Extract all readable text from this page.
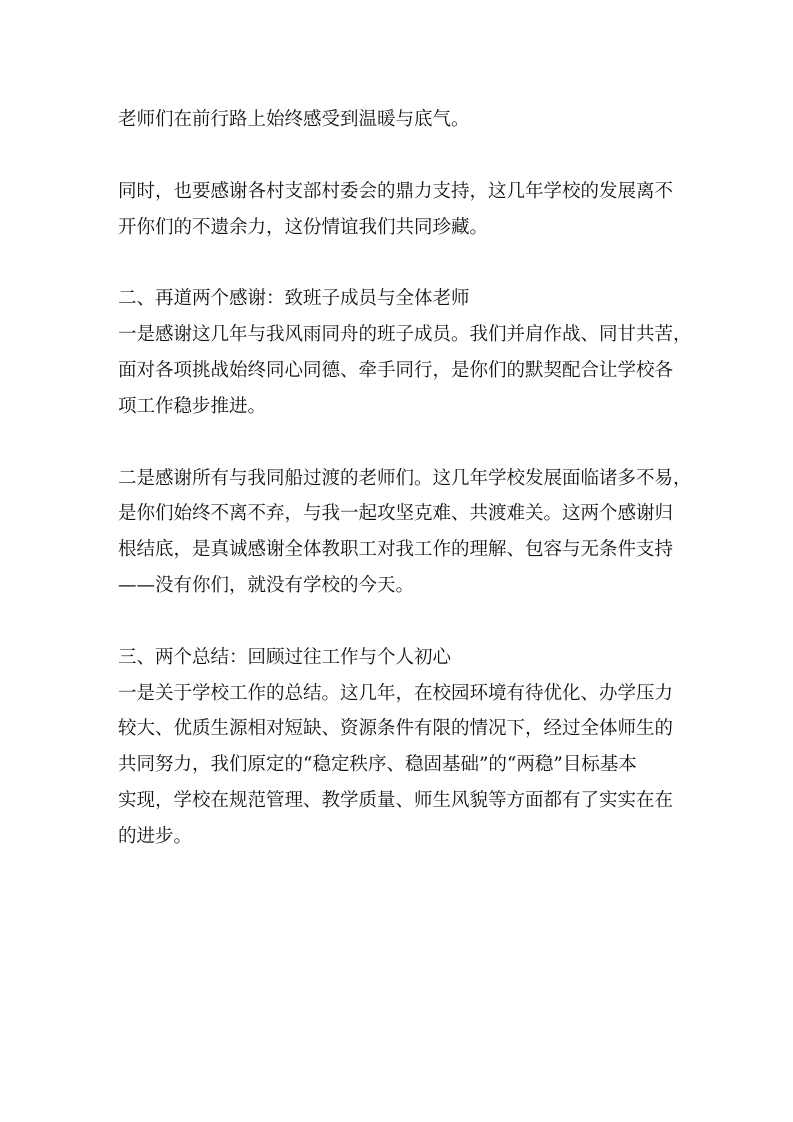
老师们在前行路上始终感受到温暖与底气。
同时，也要感谢各村支部村委会的鼎力支持，这几年学校的发展离不
开你们的不遗余力，这份情谊我们共同珍藏。
二、再道两个感谢：致班子成员与全体老师
一是感谢这几年与我风雨同舟的班子成员。我们并肩作战、同甘共苦，
面对各项挑战始终同心同德、牵手同行，是你们的默契配合让学校各
项工作稳步推进。
二是感谢所有与我同船过渡的老师们。这几年学校发展面临诸多不易，
是你们始终不离不弃，与我一起攻坚克难、共渡难关。这两个感谢归
根结底，是真诚感谢全体教职工对我工作的理解、包容与无条件支持
——没有你们，就没有学校的今天。
三、两个总结：回顾过往工作与个人初心
一是关于学校工作的总结。这几年，在校园环境有待优化、办学压力
较大、优质生源相对短缺、资源条件有限的情况下，经过全体师生的
共同努力，我们原定的“稳定秩序、稳固基础”的“两稳”目标基本
实现，学校在规范管理、教学质量、师生风貌等方面都有了实实在在
的进步。
